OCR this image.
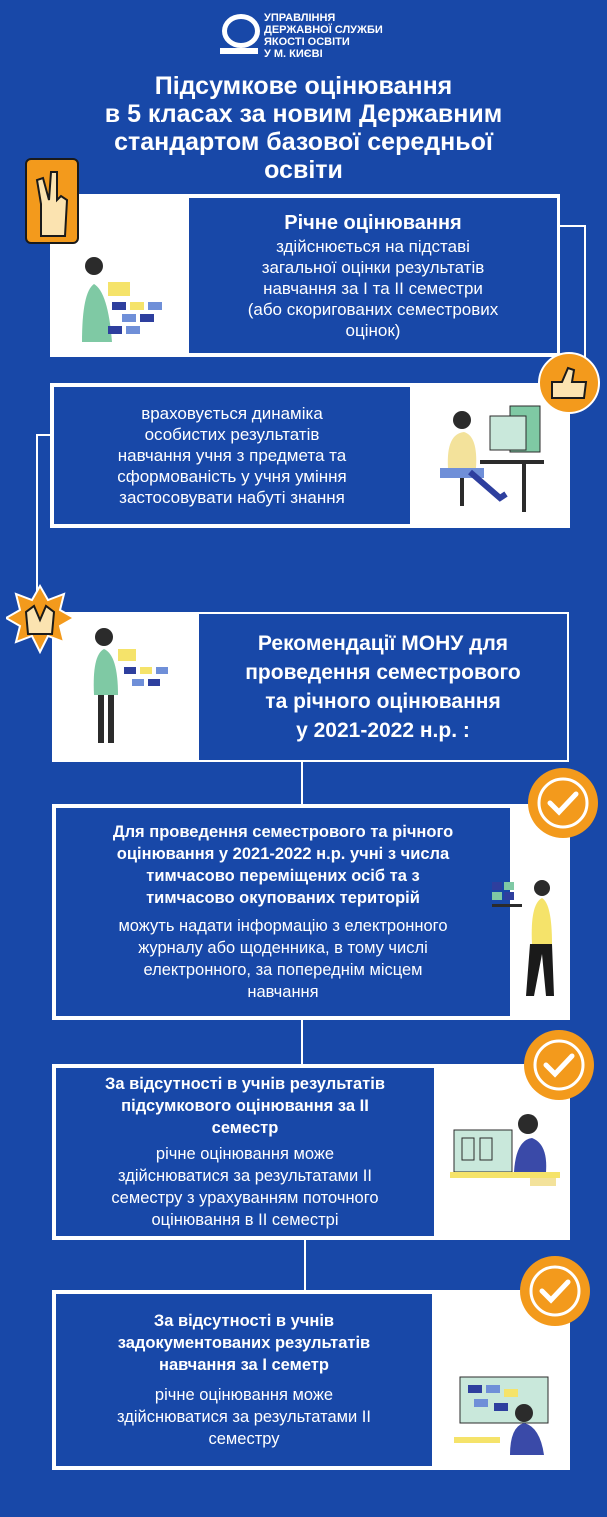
УПРАВЛІННЯ
ДЕРЖАВНОЇ СЛУЖБИ
ЯКОСТІ ОСВІТИ
У М. КИЄВІ
Підсумкове оцінювання
в 5 класах за новим Державним
стандартом базової середньої
освіти
Річне оцінювання
здійснюється на підставі
загальної оцінки результатів
навчання за І та ІІ семестри
(або скоригованих семестрових
оцінок)
враховується динаміка
особистих результатів
навчання учня з предмета та
сформованість у учня уміння
застосовувати набуті знання
Рекомендації МОНУ для
проведення семестрового
та річного оцінювання
у 2021-2022 н.р. :
Для проведення семестрового та річного
оцінювання у 2021-2022 н.р. учні з числа
тимчасово переміщених осіб та з
тимчасово окупованих територій
можуть надати інформацію з електронного
журналу або щоденника, в тому числі
електронного, за попереднім місцем
навчання
За відсутності в учнів результатів
підсумкового оцінювання за ІІ
семестр
річне оцінювання може
здійснюватися за результатами ІІ
семестру з урахуванням поточного
оцінювання в ІІ семестрі
За відсутності в учнів
задокументованих результатів
навчання за І семетр
річне оцінювання може
здійснюватися за результатами ІІ
семестру
